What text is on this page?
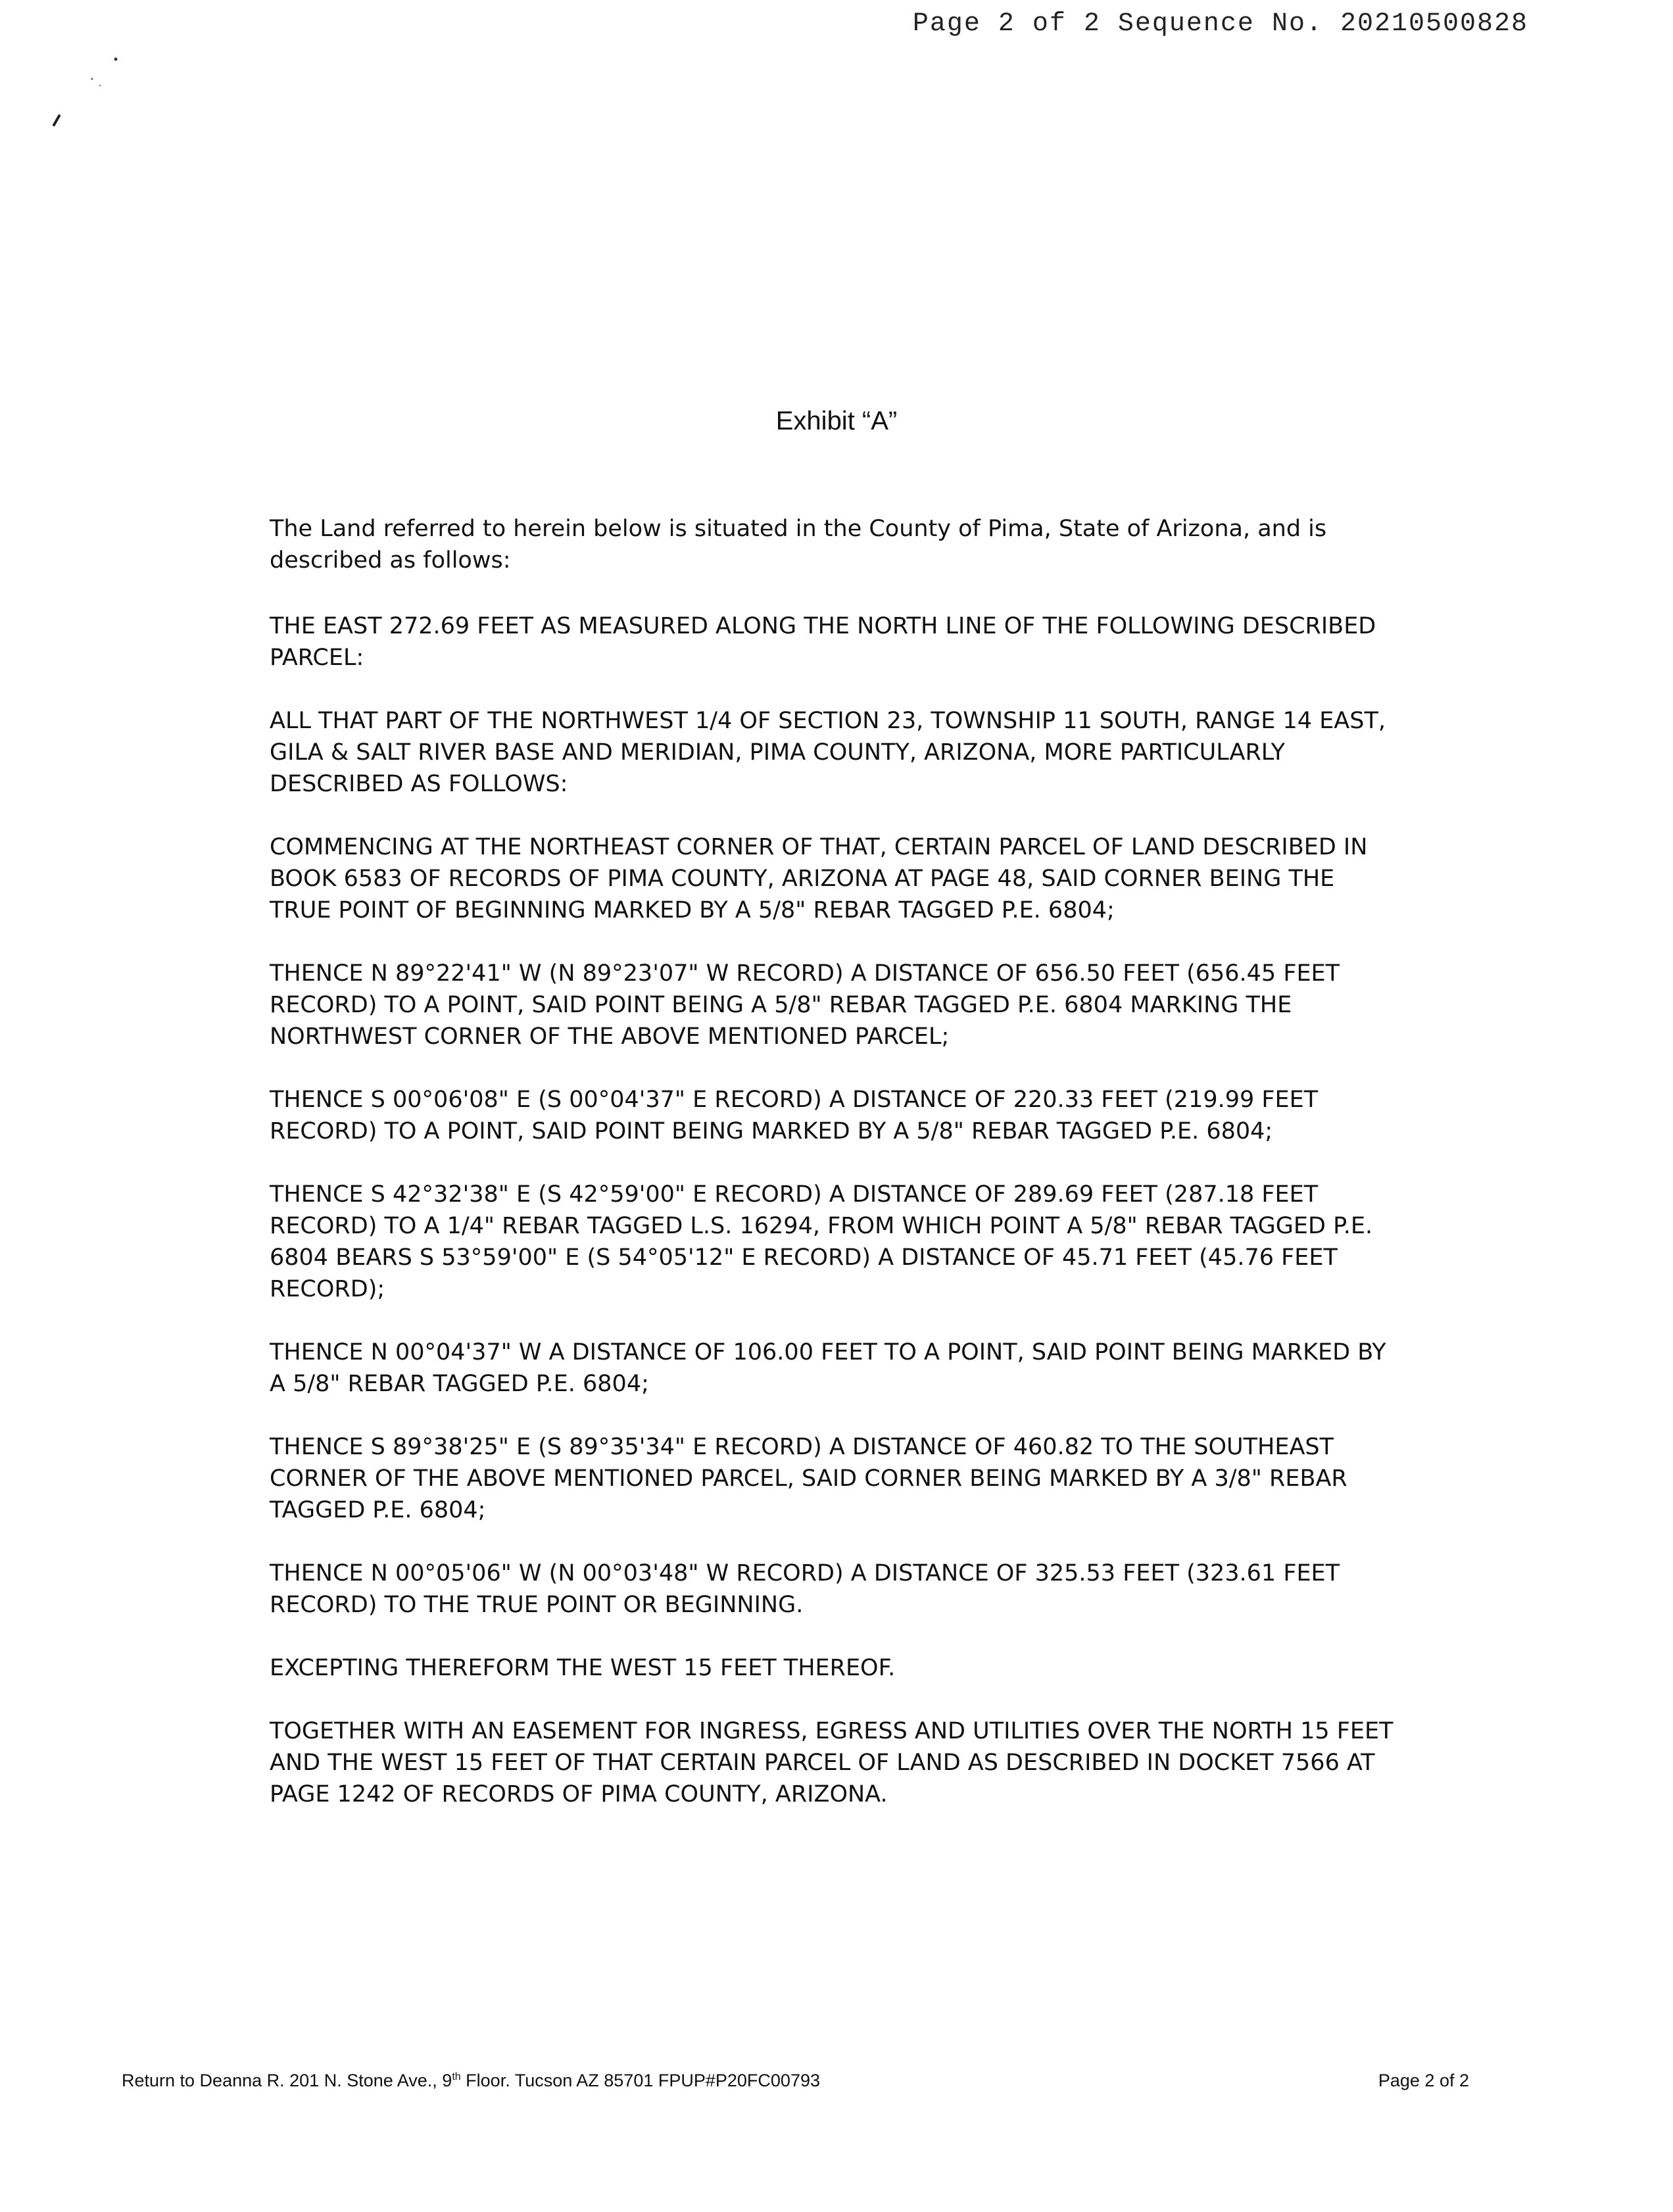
Page 2 of 2 Sequence No. 20210500828
Exhibit “A”

The Land referred to herein below is situated in the County of Pima, State of Arizona, and is described as follows:

THE EAST 272.69 FEET AS MEASURED ALONG THE NORTH LINE OF THE FOLLOWING DESCRIBED PARCEL:

ALL THAT PART OF THE NORTHWEST 1/4 OF SECTION 23, TOWNSHIP 11 SOUTH, RANGE 14 EAST, GILA & SALT RIVER BASE AND MERIDIAN, PIMA COUNTY, ARIZONA, MORE PARTICULARLY DESCRIBED AS FOLLOWS:

COMMENCING AT THE NORTHEAST CORNER OF THAT, CERTAIN PARCEL OF LAND DESCRIBED IN BOOK 6583 OF RECORDS OF PIMA COUNTY, ARIZONA AT PAGE 48, SAID CORNER BEING THE TRUE POINT OF BEGINNING MARKED BY A 5/8" REBAR TAGGED P.E. 6804;

THENCE N 89°22'41" W (N 89°23'07" W RECORD) A DISTANCE OF 656.50 FEET (656.45 FEET RECORD) TO A POINT, SAID POINT BEING A 5/8" REBAR TAGGED P.E. 6804 MARKING THE NORTHWEST CORNER OF THE ABOVE MENTIONED PARCEL;

THENCE S 00°06'08" E (S 00°04'37" E RECORD) A DISTANCE OF 220.33 FEET (219.99 FEET RECORD) TO A POINT, SAID POINT BEING MARKED BY A 5/8" REBAR TAGGED P.E. 6804;

THENCE S 42°32'38" E (S 42°59'00" E RECORD) A DISTANCE OF 289.69 FEET (287.18 FEET RECORD) TO A 1/4" REBAR TAGGED L.S. 16294, FROM WHICH POINT A 5/8" REBAR TAGGED P.E. 6804 BEARS S 53°59'00" E (S 54°05'12" E RECORD) A DISTANCE OF 45.71 FEET (45.76 FEET RECORD);

THENCE N 00°04'37" W A DISTANCE OF 106.00 FEET TO A POINT, SAID POINT BEING MARKED BY A 5/8" REBAR TAGGED P.E. 6804;

THENCE S 89°38'25" E (S 89°35'34" E RECORD) A DISTANCE OF 460.82 TO THE SOUTHEAST CORNER OF THE ABOVE MENTIONED PARCEL, SAID CORNER BEING MARKED BY A 3/8" REBAR TAGGED P.E. 6804;

THENCE N 00°05'06" W (N 00°03'48" W RECORD) A DISTANCE OF 325.53 FEET (323.61 FEET RECORD) TO THE TRUE POINT OR BEGINNING.

EXCEPTING THEREFORM THE WEST 15 FEET THEREOF.

TOGETHER WITH AN EASEMENT FOR INGRESS, EGRESS AND UTILITIES OVER THE NORTH 15 FEET AND THE WEST 15 FEET OF THAT CERTAIN PARCEL OF LAND AS DESCRIBED IN DOCKET 7566 AT PAGE 1242 OF RECORDS OF PIMA COUNTY, ARIZONA.

Return to Deanna R. 201 N. Stone Ave., 9th Floor. Tucson AZ 85701 FPUP#P20FC00793	Page 2 of 2
